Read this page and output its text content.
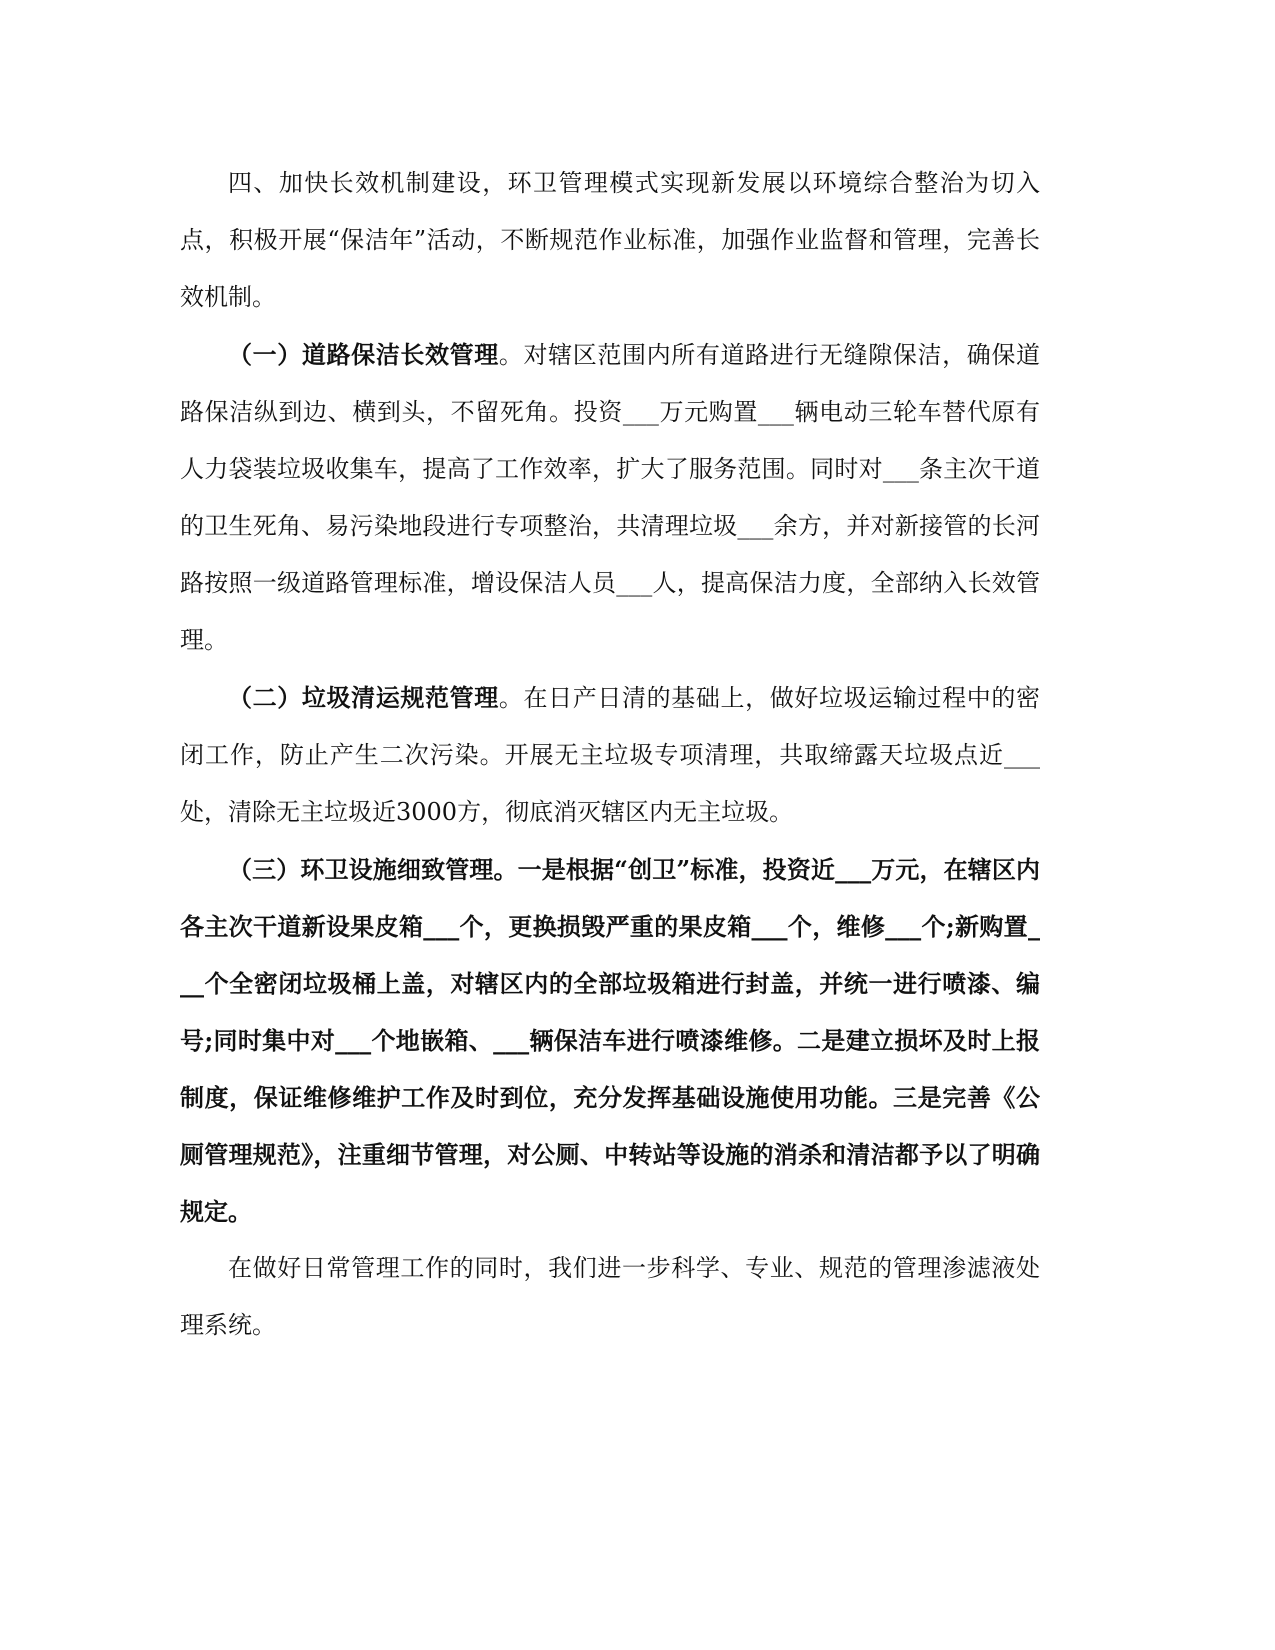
四、加快长效机制建设，环卫管理模式实现新发展以环境综合整治为切入点，积极开展“保洁年”活动，不断规范作业标准，加强作业监督和管理，完善长效机制。

（一）道路保洁长效管理。对辖区范围内所有道路进行无缝隙保洁，确保道路保洁纵到边、横到头，不留死角。投资___万元购置___辆电动三轮车替代原有人力袋装垃圾收集车，提高了工作效率，扩大了服务范围。同时对___条主次干道的卫生死角、易污染地段进行专项整治，共清理垃圾___余方，并对新接管的长河路按照一级道路管理标准，增设保洁人员___人，提高保洁力度，全部纳入长效管理。

（二）垃圾清运规范管理。在日产日清的基础上，做好垃圾运输过程中的密闭工作，防止产生二次污染。开展无主垃圾专项清理，共取缔露天垃圾点近___处，清除无主垃圾近3000方，彻底消灭辖区内无主垃圾。

（三）环卫设施细致管理。一是根据“创卫”标准，投资近___万元，在辖区内各主次干道新设果皮箱___个，更换损毁严重的果皮箱___个，维修___个;新购置___个全密闭垃圾桶上盖，对辖区内的全部垃圾箱进行封盖，并统一进行喷漆、编号;同时集中对___个地嵌箱、___辆保洁车进行喷漆维修。二是建立损坏及时上报制度，保证维修维护工作及时到位，充分发挥基础设施使用功能。三是完善《公厕管理规范》，注重细节管理，对公厕、中转站等设施的消杀和清洁都予以了明确规定。

在做好日常管理工作的同时，我们进一步科学、专业、规范的管理渗滤液处理系统。
